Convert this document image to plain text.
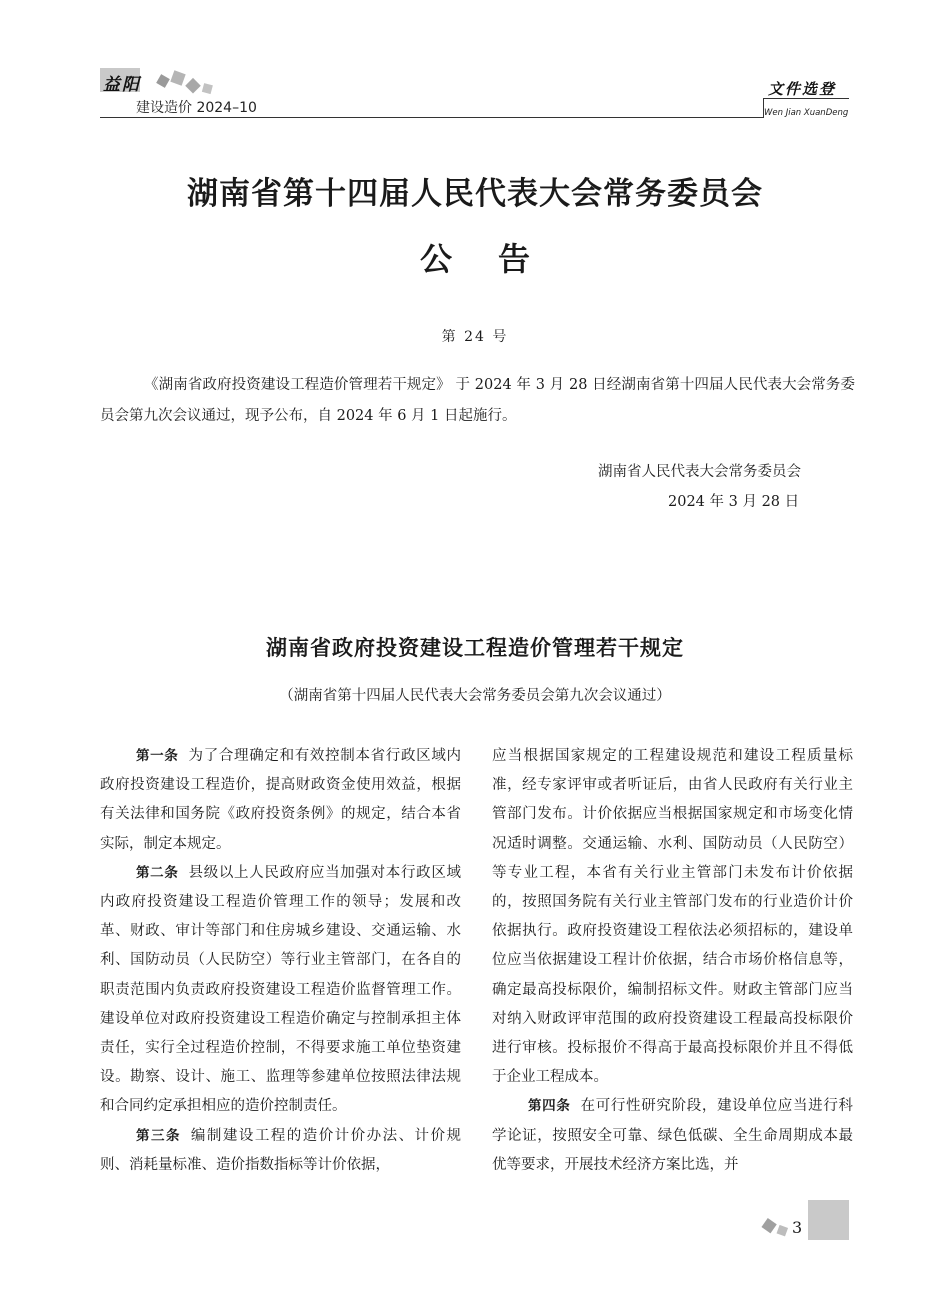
益阳
建设造价 2024–10
文件选登
Wen Jian XuanDeng
湖南省第十四届人民代表大会常务委员会
公告
第 24 号
《湖南省政府投资建设工程造价管理若干规定》 于 2024 年 3 月 28 日经湖南省第十四届人民代表大会常务委员会第九次会议通过，现予公布，自 2024 年 6 月 1 日起施行。
湖南省人民代表大会常务委员会
2024 年 3 月 28 日
湖南省政府投资建设工程造价管理若干规定
（湖南省第十四届人民代表大会常务委员会第九次会议通过）

第一条 为了合理确定和有效控制本省行政区域内政府投资建设工程造价，提高财政资金使用效益，根据有关法律和国务院《政府投资条例》的规定，结合本省实际，制定本规定。

第二条 县级以上人民政府应当加强对本行政区域内政府投资建设工程造价管理工作的领导；发展和改革、财政、审计等部门和住房城乡建设、交通运输、水利、国防动员（人民防空）等行业主管部门，在各自的职责范围内负责政府投资建设工程造价监督管理工作。建设单位对政府投资建设工程造价确定与控制承担主体责任，实行全过程造价控制，不得要求施工单位垫资建设。勘察、设计、施工、监理等参建单位按照法律法规和合同约定承担相应的造价控制责任。

第三条 编制建设工程的造价计价办法、计价规则、消耗量标准、造价指数指标等计价依据，

应当根据国家规定的工程建设规范和建设工程质量标准，经专家评审或者听证后，由省人民政府有关行业主管部门发布。计价依据应当根据国家规定和市场变化情况适时调整。交通运输、水利、国防动员（人民防空）等专业工程，本省有关行业主管部门未发布计价依据的，按照国务院有关行业主管部门发布的行业造价计价依据执行。政府投资建设工程依法必须招标的，建设单位应当依据建设工程计价依据，结合市场价格信息等，确定最高投标限价，编制招标文件。财政主管部门应当对纳入财政评审范围的政府投资建设工程最高投标限价进行审核。投标报价不得高于最高投标限价并且不得低于企业工程成本。

第四条 在可行性研究阶段，建设单位应当进行科学论证，按照安全可靠、绿色低碳、全生命周期成本最优等要求，开展技术经济方案比选，并

3
